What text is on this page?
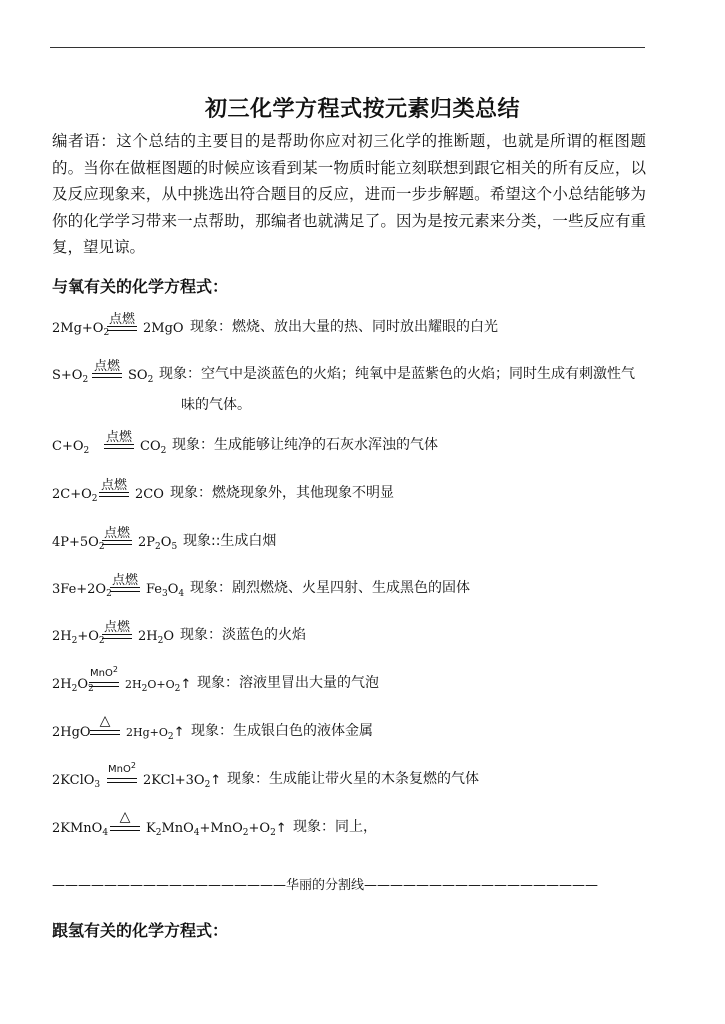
初三化学方程式按元素归类总结
编者语：这个总结的主要目的是帮助你应对初三化学的推断题，也就是所谓的框图题的。当你在做框图题的时候应该看到某一物质时能立刻联想到跟它相关的所有反应，以及反应现象来，从中挑选出符合题目的反应，进而一步步解题。希望这个小总结能够为你的化学学习带来一点帮助，那编者也就满足了。因为是按元素来分类，一些反应有重复，望见谅。
与氧有关的化学方程式：
$2Mg+O_2$
点燃
2MgO 现象：燃烧、放出大量的热、同时放出耀眼的白光
$S+O_2$
点燃
$SO_2$ 现象：空气中是淡蓝色的火焰；纯氧中是蓝紫色的火焰；同时生成有刺激性气
味的气体。
$C+O_2$
点燃
$CO_2$ 现象：生成能够让纯净的石灰水浑浊的气体
$2C+O_2$
点燃
2CO 现象：燃烧现象外，其他现象不明显
$4P+5O_2$
点燃
$2P_2O_5$ 现象::生成白烟
$3Fe+2O_2$
点燃
$Fe_3O_4$ 现象：剧烈燃烧、火星四射、生成黑色的固体
$2H_2+O_2$
点燃
$2H_2O$ 现象：淡蓝色的火焰
$2H_2O_2$
MnO$^2$
$2H_2O+O_2↑$ 现象：溶液里冒出大量的气泡
2HgO
△
$2Hg+O_2↑$ 现象：生成银白色的液体金属
2KClO$_3$
MnO$^2$
$2KCl+3O_2↑$ 现象：生成能让带火星的木条复燃的气体
2KMnO$_4$
△
$K_2MnO_4+MnO_2+O_2↑$ 现象：同上，
——————————————————华丽的分割线——————————————————
跟氢有关的化学方程式：
